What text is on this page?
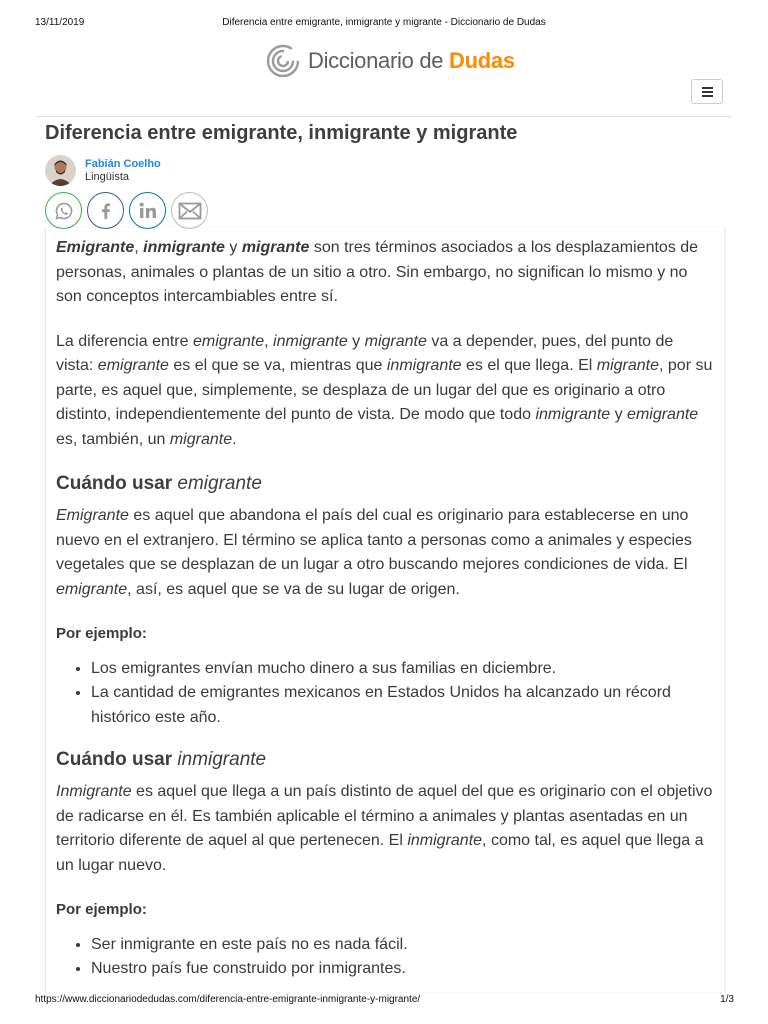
13/11/2019	Diferencia entre emigrante, inmigrante y migrante - Diccionario de Dudas
Diccionario de Dudas
Diferencia entre emigrante, inmigrante y migrante
Fabián Coelho
Lingüista

Emigrante, inmigrante y migrante son tres términos asociados a los desplazamientos de personas, animales o plantas de un sitio a otro. Sin embargo, no significan lo mismo y no son conceptos intercambiables entre sí.

La diferencia entre emigrante, inmigrante y migrante va a depender, pues, del punto de vista: emigrante es el que se va, mientras que inmigrante es el que llega. El migrante, por su parte, es aquel que, simplemente, se desplaza de un lugar del que es originario a otro distinto, independientemente del punto de vista. De modo que todo inmigrante y emigrante es, también, un migrante.

Cuándo usar emigrante

Emigrante es aquel que abandona el país del cual es originario para establecerse en uno nuevo en el extranjero. El término se aplica tanto a personas como a animales y especies vegetales que se desplazan de un lugar a otro buscando mejores condiciones de vida. El emigrante, así, es aquel que se va de su lugar de origen.

Por ejemplo:

• Los emigrantes envían mucho dinero a sus familias en diciembre.
• La cantidad de emigrantes mexicanos en Estados Unidos ha alcanzado un récord histórico este año.
Cuándo usar inmigrante

Inmigrante es aquel que llega a un país distinto de aquel del que es originario con el objetivo de radicarse en él. Es también aplicable el término a animales y plantas asentadas en un territorio diferente de aquel al que pertenecen. El inmigrante, como tal, es aquel que llega a un lugar nuevo.

Por ejemplo:

• Ser inmigrante en este país no es nada fácil.
• Nuestro país fue construido por inmigrantes.
https://www.diccionariodedudas.com/diferencia-entre-emigrante-inmigrante-y-migrante/	1/3
